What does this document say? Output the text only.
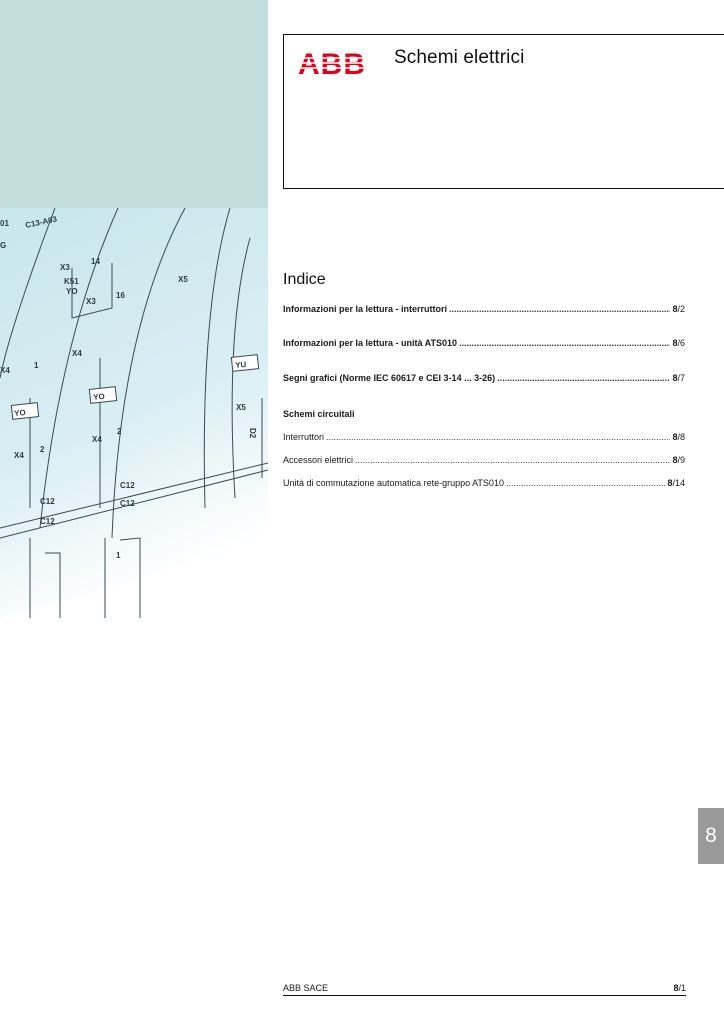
YO
YO
YU
X3
K51
YO
X3
X4
X4
X4
X4
X5
X5
C12
C12
C12
C12
C13-A03
01
G
1
1
2
2
14
16
D2
ABB Schemi elettrici
Indice
Informazioni per la lettura - interruttori .....	8/2
Informazioni per la lettura - unità ATS010 .....	8/6
Segni grafici (Norme IEC 60617 e CEI 3-14 ... 3-26) .....	8/7
Schemi circuitali
Interruttori .....	8/8
Accessori elettrici .....	8/9
Unità di commutazione automatica rete-gruppo ATS010 .....	8/14
8
ABB SACE	8/1
